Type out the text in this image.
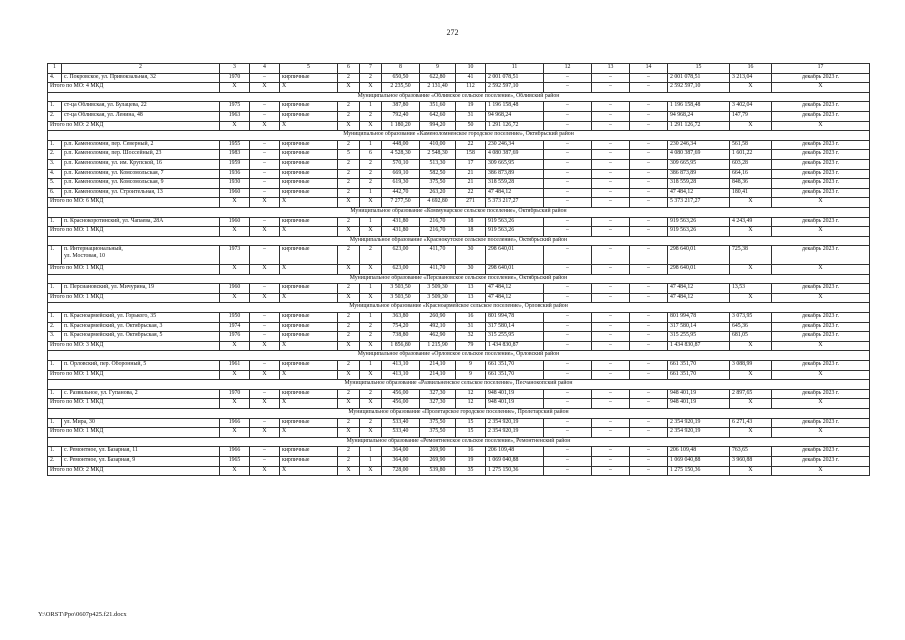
272
1	2	3	4	5	6	7	8	9	10	11	12	13	14	15	16	17
4.	с. Покровское, ул. Привокзальная, 32	1970	–	кирпичные	2	2	650,50	622,80	41	2 001 078,51	–	–	–	2 001 078,51	3 213,04	декабрь 2023 г.
Итого по МО: 4 МКД		X	X	X	X	X	2 235,50	2 131,40	112	2 592 597,10	–	–	–	2 592 597,10	X	X
Муниципальное образование «Обливское сельское поселение», Обливский район																
1.	ст-ца Обливская, ул. Булацева, 22	1975	–	кирпичные	2	1	387,80	351,60	19	1 196 158,48	–	–	–	1 196 158,48	3 402,04	декабрь 2023 г.
2.	ст-ца Обливская, ул. Ленина, 48	1963	–	кирпичные	2	2	792,40	642,60	31	94 968,24	–	–	–	94 968,24	147,79	декабрь 2023 г.
Итого по МО: 2 МКД		X	X	X	X	X	1 180,20	994,20	50	1 291 126,72	–	–	–	1 291 126,72	X	X
Муниципальное образование «Каменоломненское городское поселение», Октябрьский район																
1.	р.п. Каменоломни, пер. Северный, 2	1955	–	кирпичные	2	1	448,00	410,00	22	230 246,34	–	–	–	230 246,34	561,58	декабрь 2023 г.
2.	р.п. Каменоломни, пер. Шоссейный, 23	1983	–	кирпичные	5	6	4 528,30	2 548,30	158	4 080 387,69	–	–	–	4 080 387,69	1 601,22	декабрь 2023 г.
3.	р.п. Каменоломни, ул. им. Крупской, 16	1959	–	кирпичные	2	2	570,10	513,30	17	309 665,95	–	–	–	309 665,95	603,28	декабрь 2023 г.
4.	р.п. Каменоломни, ул. Комсомольская, 7	1936	–	кирпичные	2	2	669,10	582,50	21	386 873,89	–	–	–	386 873,89	664,16	декабрь 2023 г.
5.	р.п. Каменоломни, ул. Комсомольская, 9	1930	–	кирпичные	2	2	619,30	375,50	21	318 559,28	–	–	–	318 559,28	848,36	декабрь 2023 г.
6.	р.п. Каменоломни, ул. Строительная, 13	1960	–	кирпичные	2	1	442,70	263,20	22	47 484,12	–	–	–	47 484,12	180,41	декабрь 2023 г.
Итого по МО: 6 МКД		X	X	X	X	X	7 277,50	4 692,80	271	5 373 217,27	–	–	–	5 373 217,27	X	X
Муниципальное образование «Коммунарское сельское поселение», Октябрьский район																
1.	п. Краснокоротинский, ул. Чапаева, 28А	1960	–	кирпичные	2	1	431,80	216,70	18	919 563,26	–	–	–	919 563,26	4 243,49	декабрь 2023 г.
Итого по МО: 1 МКД		X	X	X	X	X	431,80	216,70	18	919 563,26	–	–	–	919 563,26	X	X
Муниципальное образование «Краснокутское сельское поселение», Октябрьский район																
1.	п. Интернациональный,
ул. Мостовая, 10	1973	–	кирпичные	2	2	623,00	411,70	30	298 640,01	–	–	–	298 640,01	725,38	декабрь 2023 г.
Итого по МО: 1 МКД		X	X	X	X	X	623,00	411,70	30	298 640,01	–	–	–	298 640,01	X	X
Муниципальное образование «Персиановское сельское поселение», Октябрьский район																
1.	п. Персиановский, ул. Мичурина, 19	1960	–	кирпичные	2	1	3 503,50	3 509,30	13	47 484,12	–	–	–	47 484,12	13,53	декабрь 2023 г.
Итого по МО: 1 МКД		X	X	X	X	X	3 503,50	3 509,30	13	47 484,12	–	–	–	47 484,12	X	X
Муниципальное образование «Красноармейское сельское поселение», Орловский район																
1.	п. Красноармейский, ул. Горького, 35	1950	–	кирпичные	2	1	363,80	260,90	16	801 994,78	–	–	–	801 994,78	3 073,95	декабрь 2023 г.
2.	п. Красноармейский, ул. Октябрьская, 3	1974	–	кирпичные	2	2	754,20	492,10	31	317 580,14	–	–	–	317 580,14	645,36	декабрь 2023 г.
3.	п. Красноармейский, ул. Октябрьская, 5	1976	–	кирпичные	2	2	738,80	462,90	32	315 255,95	–	–	–	315 255,95	681,05	декабрь 2023 г.
Итого по МО: 3 МКД		X	X	X	X	X	1 856,80	1 215,90	79	1 434 830,87	–	–	–	1 434 830,87	X	X
Муниципальное образование «Орловское сельское поселение», Орловский район																
1.	п. Орловский, пер. Оборонный, 5	1961	–	кирпичные	2	1	413,10	214,10	9	661 351,70	–	–	–	661 351,70	3 088,99	декабрь 2023 г.
Итого по МО: 1 МКД		X	X	X	X	X	413,10	214,10	9	661 351,70	–	–	–	661 351,70	X	X
Муниципальное образование «Развильненское сельское поселение», Песчанокопский район																
1.	с. Развильное, ул. Гупанова, 2	1970	–	кирпичные	2	2	456,00	327,30	12	948 401,19	–	–	–	948 401,19	2 897,65	декабрь 2023 г.
Итого по МО: 1 МКД		X	X	X	X	X	456,00	327,30	12	948 401,19	–	–	–	948 401,19	X	X
Муниципальное образование «Пролетарское городское поселение», Пролетарский район																
1.	ул. Мира, 30	1966	–	кирпичные	2	2	533,40	375,50	15	2 354 920,19	–	–	–	2 354 920,19	6 271,43	декабрь 2023 г.
Итого по МО: 1 МКД		X	X	X	X	X	533,40	375,50	15	2 354 920,19	–	–	–	2 354 920,19	X	X
Муниципальное образование «Ремонтненское сельское поселение», Ремонтненский район																
1.	с. Ремонтное, ул. Базарная, 11	1966	–	кирпичные	2	1	364,00	269,90	16	206 109,48	–	–	–	206 109,48	763,65	декабрь 2023 г.
2.	с. Ремонтное, ул. Базарная, 9	1965	–	кирпичные	2	1	364,00	269,90	19	1 069 040,88	–	–	–	1 069 040,88	3 960,88	декабрь 2023 г.
Итого по МО: 2 МКД		X	X	X	X	X	728,00	539,80	35	1 275 150,36	–	–	–	1 275 150,36	X	X
Y:\ORST\Ppo\0607p425.f21.docx
